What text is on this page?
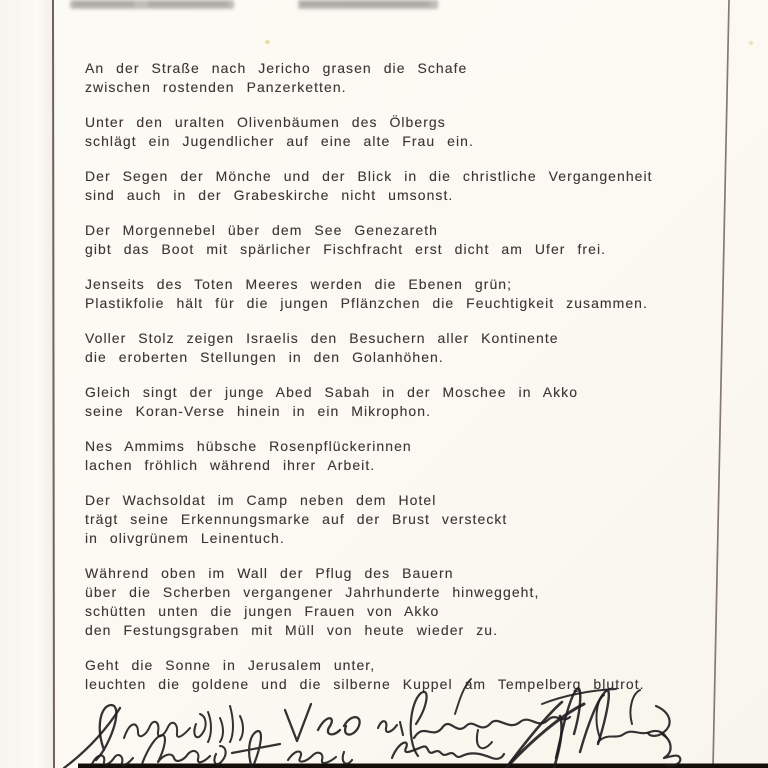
An der Straße nach Jericho grasen die Schafe
zwischen rostenden Panzerketten.
Unter den uralten Olivenbäumen des Ölbergs
schlägt ein Jugendlicher auf eine alte Frau ein.
Der Segen der Mönche und der Blick in die christliche Vergangenheit
sind auch in der Grabeskirche nicht umsonst.
Der Morgennebel über dem See Genezareth
gibt das Boot mit spärlicher Fischfracht erst dicht am Ufer frei.
Jenseits des Toten Meeres werden die Ebenen grün;
Plastikfolie hält für die jungen Pflänzchen die Feuchtigkeit zusammen.
Voller Stolz zeigen Israelis den Besuchern aller Kontinente
die eroberten Stellungen in den Golanhöhen.
Gleich singt der junge Abed Sabah in der Moschee in Akko
seine Koran-Verse hinein in ein Mikrophon.
Nes Ammims hübsche Rosenpflückerinnen
lachen fröhlich während ihrer Arbeit.
Der Wachsoldat im Camp neben dem Hotel
trägt seine Erkennungsmarke auf der Brust versteckt
in olivgrünem Leinentuch.
Während oben im Wall der Pflug des Bauern
über die Scherben vergangener Jahrhunderte hinweggeht,
schütten unten die jungen Frauen von Akko
den Festungsgraben mit Müll von heute wieder zu.
Geht die Sonne in Jerusalem unter,
leuchten die goldene und die silberne Kuppel am Tempelberg blutrot.
